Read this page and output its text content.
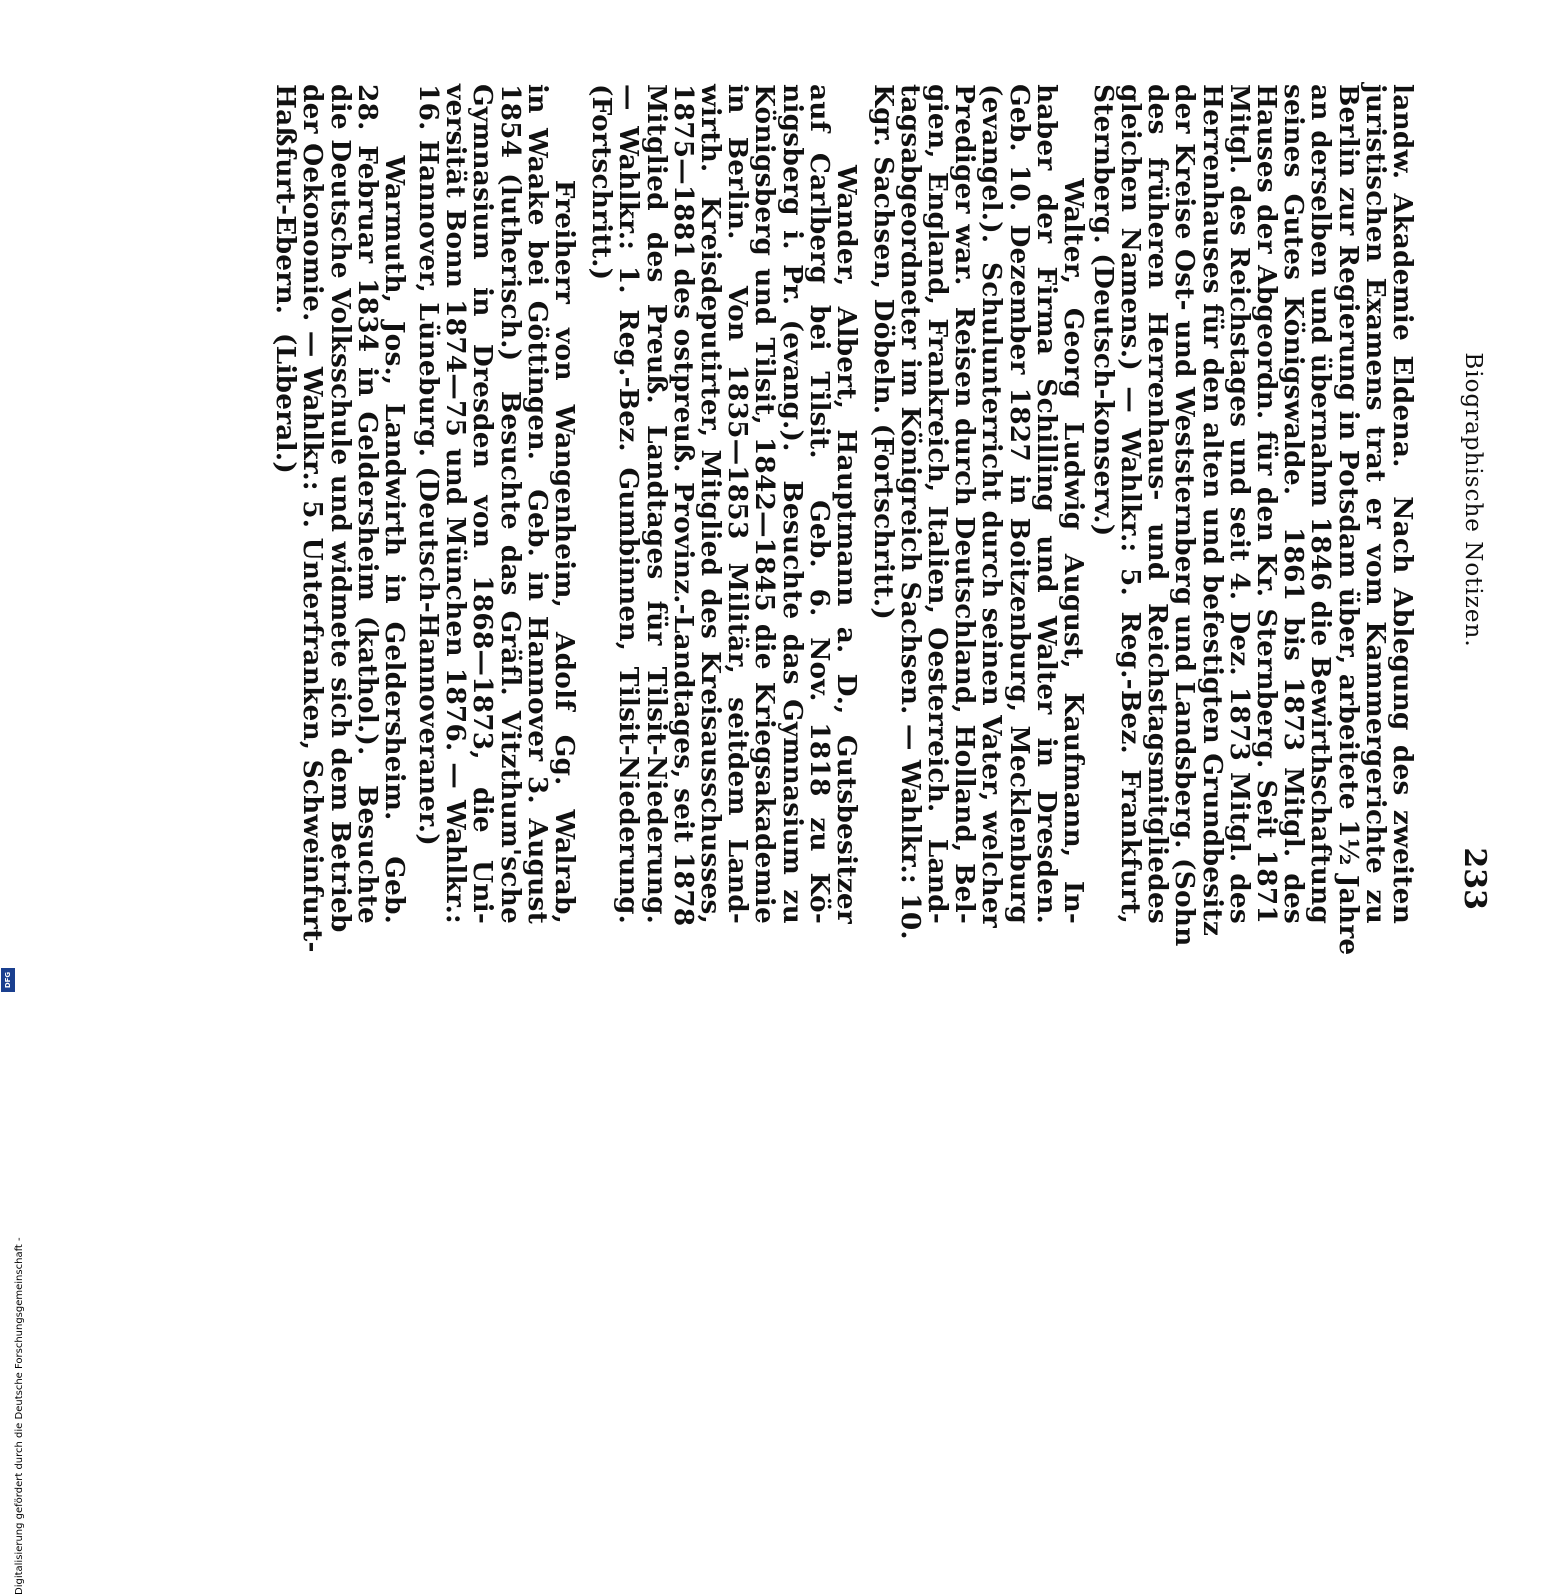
Biographische Notizen.
233
landw. Akademie Eldena.  Nach Ablegung des zweiten
juristischen Examens trat er vom Kammergerichte zu
Berlin zur Regierung in Potsdam über, arbeitete 1½ Jahre
an derselben und übernahm 1846 die Bewirthschaftung
seines Gutes Königswalde.  1861 bis 1873 Mitgl. des
Hauses der Abgeordn. für den Kr. Sternberg. Seit 1871
Mitgl. des Reichstages und seit 4. Dez. 1873 Mitgl. des
Herrenhauses für den alten und befestigten Grundbesitz
der Kreise Ost- und Weststernberg und Landsberg. (Sohn
des  früheren  Herrenhaus-  und  Reichstagsmitgliedes
gleichen Namens.) — Wahlkr.: 5. Reg.-Bez. Frankfurt,
Sternberg. (Deutsch-konserv.)
Walter, Georg Ludwig August, Kaufmann, In-
haber der Firma Schilling und Walter in Dresden.
Geb. 10. Dezember 1827 in Boitzenburg, Mecklenburg
(evangel.).  Schulunterricht durch seinen Vater, welcher
Prediger war.  Reisen durch Deutschland, Holland, Bel-
gien, England, Frankreich, Italien, Oesterreich.  Land-
tagsabgeordneter im Königreich Sachsen. — Wahlkr.: 10.
Kgr. Sachsen, Döbeln. (Fortschritt.)
Wander, Albert, Hauptmann a. D., Gutsbesitzer
auf Carlberg bei Tilsit.  Geb. 6. Nov. 1818 zu Kö-
nigsberg i. Pr. (evang.).  Besuchte das Gymnasium zu
Königsberg und Tilsit, 1842—1845 die Kriegsakademie
in Berlin.  Von 1835—1853 Militär, seitdem Land-
wirth.  Kreisdeputirter, Mitglied des Kreisausschusses,
1875—1881 des ostpreuß. Provinz.-Landtages, seit 1878
Mitglied des Preuß. Landtages für Tilsit-Niederung.
— Wahlkr.: 1. Reg.-Bez. Gumbinnen, Tilsit-Niederung.
(Fortschritt.)
Freiherr von Wangenheim, Adolf Gg. Walrab,
in Waake bei Göttingen.  Geb. in Hannover 3. August
1854 (lutherisch.)  Besuchte das Gräfl. Vitzthum'sche
Gymnasium in Dresden von 1868—1873, die Uni-
versität Bonn 1874—75 und München 1876. — Wahlkr.:
16. Hannover, Lüneburg. (Deutsch-Hannoveraner.)
Warmuth, Jos., Landwirth in Geldersheim.  Geb.
28. Februar 1834 in Geldersheim (kathol.).  Besuchte
die Deutsche Volksschule und widmete sich dem Betrieb
der Oekonomie. — Wahlkr.: 5. Unterfranken, Schweinfurt-
Haßfurt-Ebern.  (Liberal.)
Digitalisierung gefördert durch die Deutsche Forschungsgemeinschaft -
DFG
